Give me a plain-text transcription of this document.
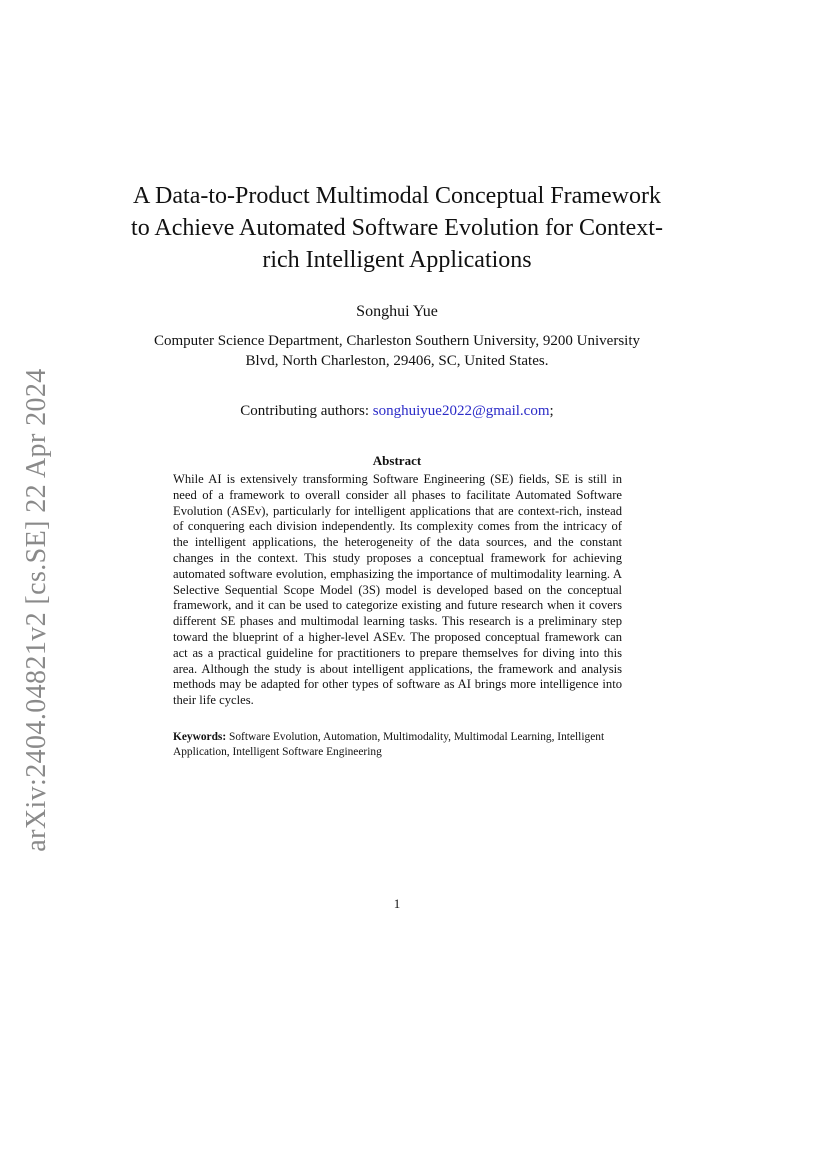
arXiv:2404.04821v2 [cs.SE] 22 Apr 2024
A Data-to-Product Multimodal Conceptual Framework to Achieve Automated Software Evolution for Context-rich Intelligent Applications
Songhui Yue
Computer Science Department, Charleston Southern University, 9200 University Blvd, North Charleston, 29406, SC, United States.
Contributing authors: songhuiyue2022@gmail.com;
Abstract

While AI is extensively transforming Software Engineering (SE) fields, SE is still in need of a framework to overall consider all phases to facilitate Automated Software Evolution (ASEv), particularly for intelligent applications that are context-rich, instead of conquering each division independently. Its complexity comes from the intricacy of the intelligent applications, the heterogeneity of the data sources, and the constant changes in the context. This study proposes a conceptual framework for achieving automated software evolution, emphasizing the importance of multimodality learning. A Selective Sequential Scope Model (3S) model is developed based on the conceptual framework, and it can be used to categorize existing and future research when it covers different SE phases and multimodal learning tasks. This research is a preliminary step toward the blueprint of a higher-level ASEv. The proposed conceptual framework can act as a practical guideline for practitioners to prepare themselves for diving into this area. Although the study is about intelligent applications, the framework and analysis methods may be adapted for other types of software as AI brings more intelligence into their life cycles.

Keywords: Software Evolution, Automation, Multimodality, Multimodal Learning, Intelligent Application, Intelligent Software Engineering

1
